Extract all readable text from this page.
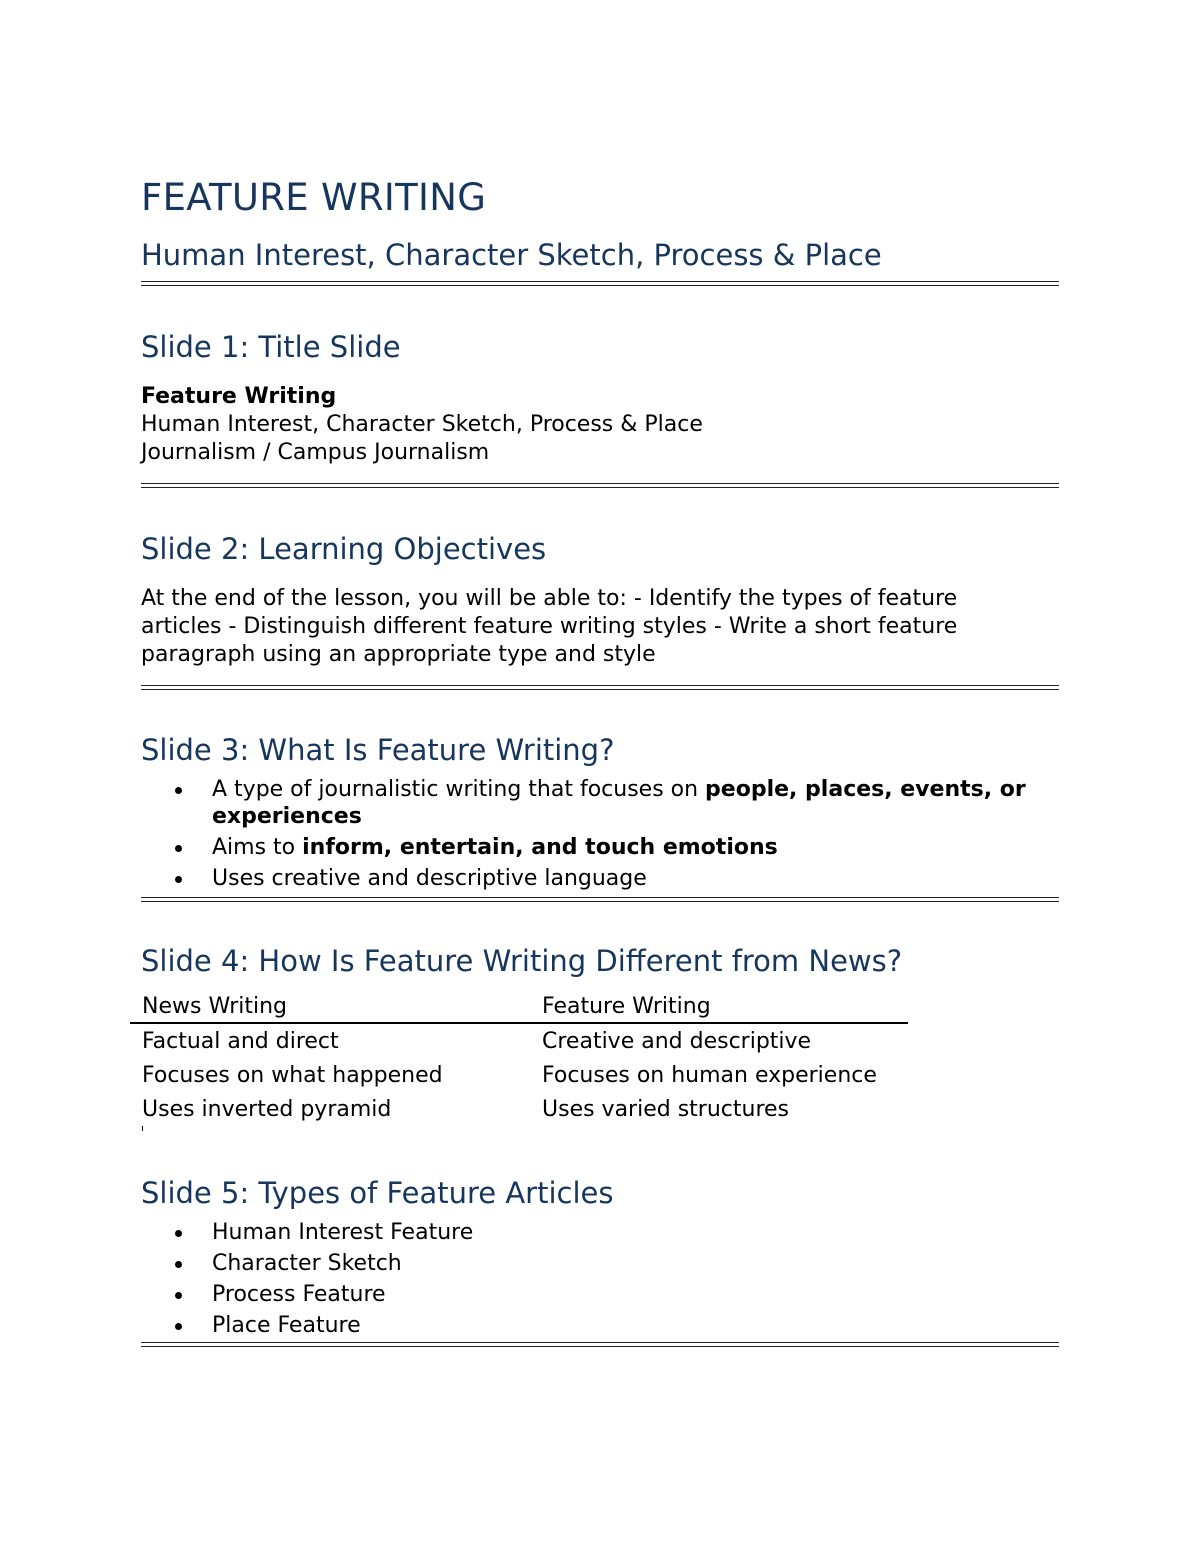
FEATURE WRITING
Human Interest, Character Sketch, Process & Place
Slide 1: Title Slide
Feature Writing
Human Interest, Character Sketch, Process & Place
Journalism / Campus Journalism
Slide 2: Learning Objectives
At the end of the lesson, you will be able to: - Identify the types of feature articles - Distinguish different feature writing styles - Write a short feature paragraph using an appropriate type and style
Slide 3: What Is Feature Writing?
A type of journalistic writing that focuses on people, places, events, or experiences
Aims to inform, entertain, and touch emotions
Uses creative and descriptive language
Slide 4: How Is Feature Writing Different from News?
News Writing	Feature Writing
Factual and direct	Creative and descriptive
Focuses on what happened	Focuses on human experience
Uses inverted pyramid	Uses varied structures
Slide 5: Types of Feature Articles
Human Interest Feature
Character Sketch
Process Feature
Place Feature
